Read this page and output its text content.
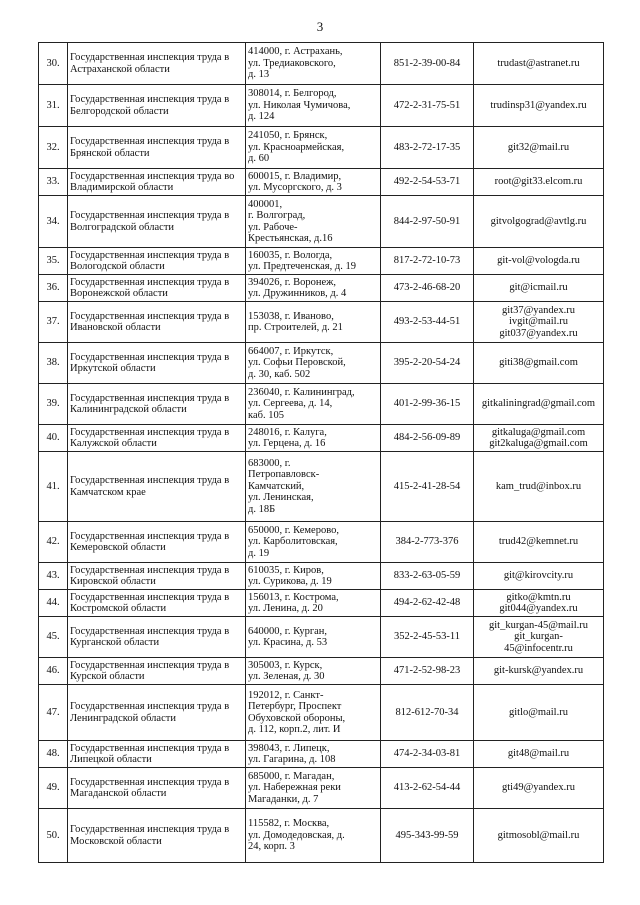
3
30.	Государственная инспекция труда в Астраханской области	414000, г. Астрахань,
ул. Тредиаковского,
д. 13	851-2-39-00-84	trudast@astranet.ru

31.	Государственная инспекция труда в Белгородской области	308014, г. Белгород,
ул. Николая Чумичова,
д. 124	472-2-31-75-51	trudinsp31@yandex.ru

32.	Государственная инспекция труда в Брянской области	241050, г. Брянск,
ул. Красноармейская,
д. 60	483-2-72-17-35	git32@mail.ru

33.	Государственная инспекция труда во Владимирской области	600015, г. Владимир,
ул. Мусоргского, д. 3	492-2-54-53-71	root@git33.elcom.ru

34.	Государственная инспекция труда в Волгоградской области	400001,
г. Волгоград,
ул. Рабоче-
Крестьянская, д.16	844-2-97-50-91	gitvolgograd@avtlg.ru

35.	Государственная инспекция труда в Вологодской области	160035, г. Вологда,
ул. Предтеченская, д. 19	817-2-72-10-73	git-vol@vologda.ru

36.	Государственная инспекция труда в Воронежской области	394026, г. Воронеж,
ул. Дружинников, д. 4	473-2-46-68-20	git@icmail.ru

37.	Государственная инспекция труда в Ивановской области	153038, г. Иваново,
пр. Строителей, д. 21	493-2-53-44-51	git37@yandex.ru
ivgit@mail.ru
git037@yandex.ru

38.	Государственная инспекция труда в Иркутской области	664007, г. Иркутск,
ул. Софьи Перовской,
д. 30, каб. 502	395-2-20-54-24	giti38@gmail.com

39.	Государственная инспекция труда в Калининградской области	236040, г. Калининград,
ул. Сергеева, д. 14,
каб. 105	401-2-99-36-15	gitkaliningrad@gmail.com

40.	Государственная инспекция труда в Калужской области	248016, г. Калуга,
ул. Герцена, д. 16	484-2-56-09-89	gitkaluga@gmail.com
git2kaluga@gmail.com

41.	Государственная инспекция труда в Камчатском крае	683000, г.
Петропавловск-
Камчатский,
ул. Ленинская,
д. 18Б	415-2-41-28-54	kam_trud@inbox.ru

42.	Государственная инспекция труда в Кемеровской области	650000, г. Кемерово,
ул. Карболитовская,
д. 19	384-2-773-376	trud42@kemnet.ru

43.	Государственная инспекция труда в Кировской области	610035, г. Киров,
ул. Сурикова, д. 19	833-2-63-05-59	git@kirovcity.ru

44.	Государственная инспекция труда в Костромской области	156013, г. Кострома,
ул. Ленина, д. 20	494-2-62-42-48	gitko@kmtn.ru
git044@yandex.ru

45.	Государственная инспекция труда в Курганской области	640000, г. Курган,
ул. Красина, д. 53	352-2-45-53-11	git_kurgan-45@mail.ru
git_kurgan-
45@infocentr.ru

46.	Государственная инспекция труда в Курской области	305003, г. Курск,
ул. Зеленая, д. 30	471-2-52-98-23	git-kursk@yandex.ru

47.	Государственная инспекция труда в Ленинградской области	192012, г. Санкт-
Петербург, Проспект
Обуховской обороны,
д. 112, корп.2, лит. И	812-612-70-34	gitlo@mail.ru

48.	Государственная инспекция труда в Липецкой области	398043, г. Липецк,
ул. Гагарина, д. 108	474-2-34-03-81	git48@mail.ru

49.	Государственная инспекция труда в Магаданской области	685000, г. Магадан,
ул. Набережная реки
Магаданки, д. 7	413-2-62-54-44	gti49@yandex.ru

50.	Государственная инспекция труда в Московской области	115582, г. Москва,
ул. Домодедовская, д.
24, корп. 3	495-343-99-59	gitmosobl@mail.ru
